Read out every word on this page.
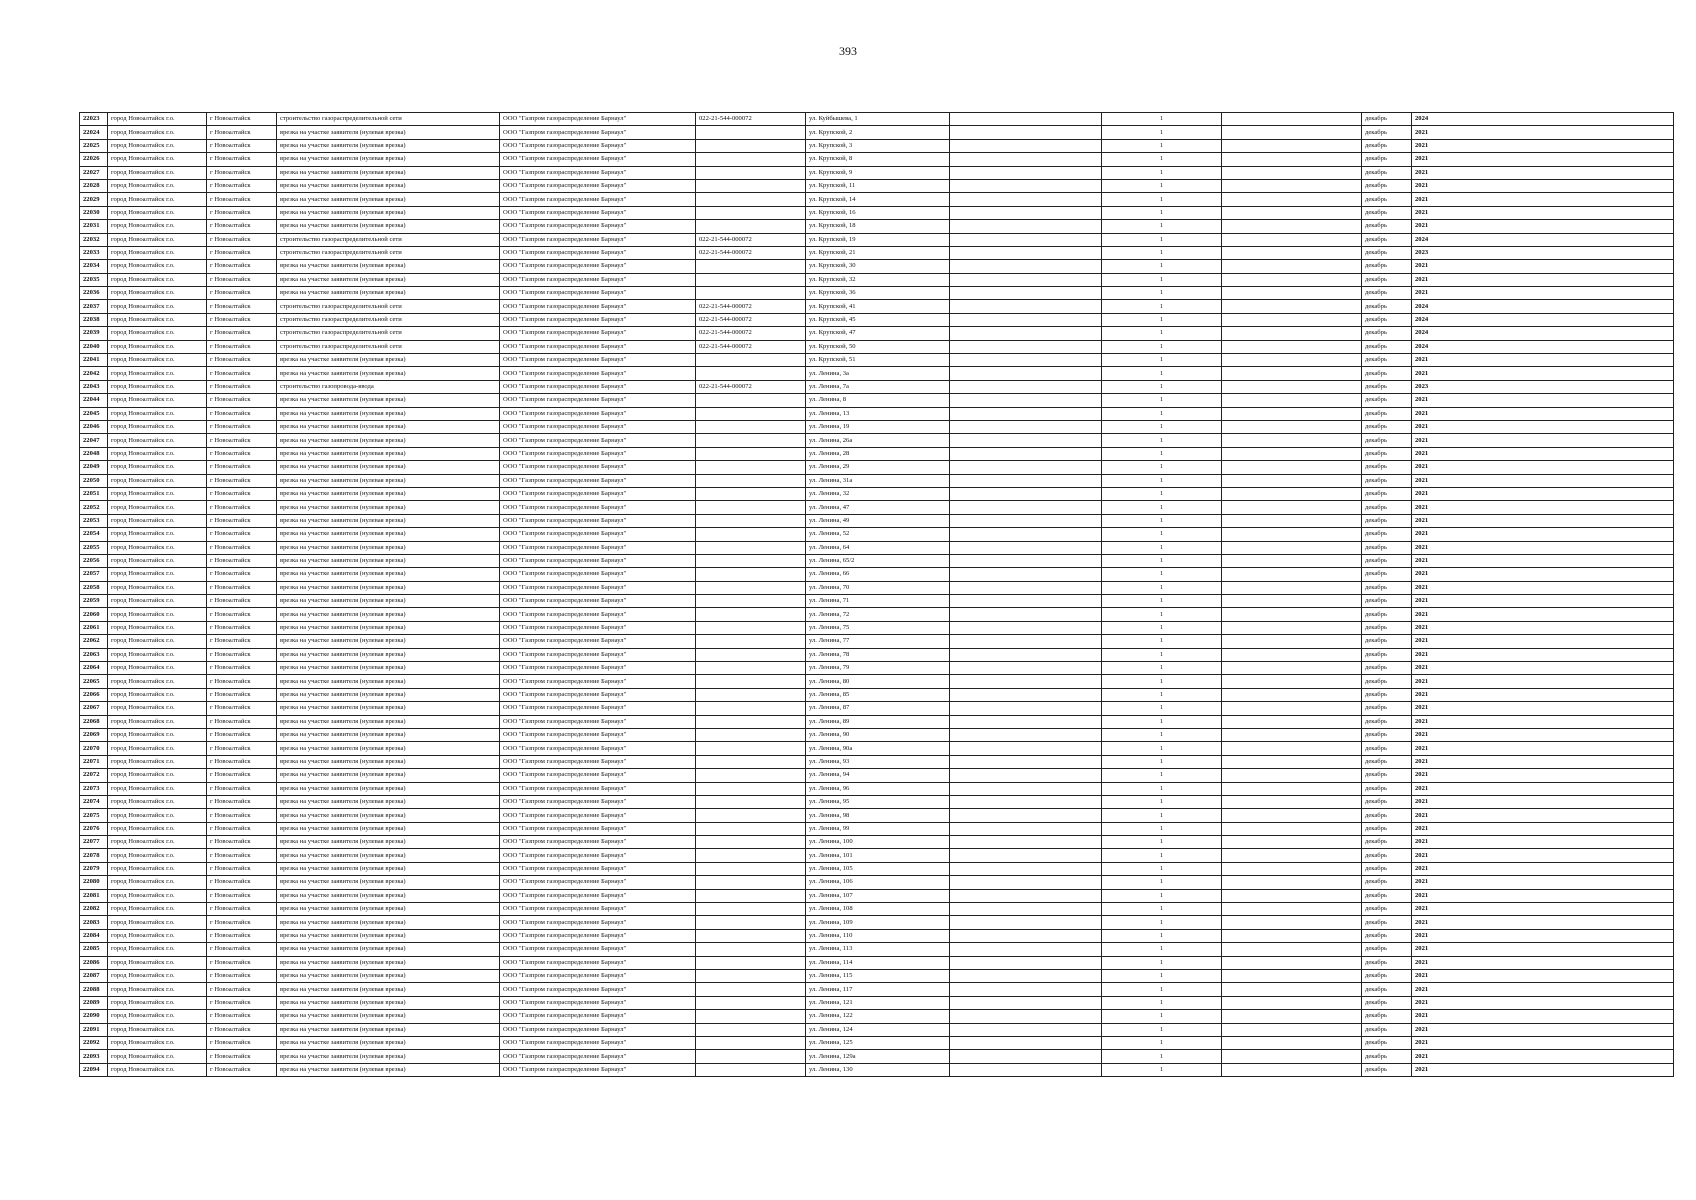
393
22023	город Новоалтайск г.о.	г Новоалтайск	строительство газораспределительной сети	ООО "Газпром газораспределение Барнаул"	022-21-544-000072	ул. Куйбышева, 1		1		декабрь	2024
22024	город Новоалтайск г.о.	г Новоалтайск	врезка на участке заявителя (нулевая врезка)	ООО "Газпром газораспределение Барнаул"		ул. Крупской, 2		1		декабрь	2021
22025	город Новоалтайск г.о.	г Новоалтайск	врезка на участке заявителя (нулевая врезка)	ООО "Газпром газораспределение Барнаул"		ул. Крупской, 3		1		декабрь	2021
22026	город Новоалтайск г.о.	г Новоалтайск	врезка на участке заявителя (нулевая врезка)	ООО "Газпром газораспределение Барнаул"		ул. Крупской, 8		1		декабрь	2021
22027	город Новоалтайск г.о.	г Новоалтайск	врезка на участке заявителя (нулевая врезка)	ООО "Газпром газораспределение Барнаул"		ул. Крупской, 9		1		декабрь	2021
22028	город Новоалтайск г.о.	г Новоалтайск	врезка на участке заявителя (нулевая врезка)	ООО "Газпром газораспределение Барнаул"		ул. Крупской, 11		1		декабрь	2021
22029	город Новоалтайск г.о.	г Новоалтайск	врезка на участке заявителя (нулевая врезка)	ООО "Газпром газораспределение Барнаул"		ул. Крупской, 14		1		декабрь	2021
22030	город Новоалтайск г.о.	г Новоалтайск	врезка на участке заявителя (нулевая врезка)	ООО "Газпром газораспределение Барнаул"		ул. Крупской, 16		1		декабрь	2021
22031	город Новоалтайск г.о.	г Новоалтайск	врезка на участке заявителя (нулевая врезка)	ООО "Газпром газораспределение Барнаул"		ул. Крупской, 18		1		декабрь	2021
22032	город Новоалтайск г.о.	г Новоалтайск	строительство газораспределительной сети	ООО "Газпром газораспределение Барнаул"	022-21-544-000072	ул. Крупской, 19		1		декабрь	2024
22033	город Новоалтайск г.о.	г Новоалтайск	строительство газораспределительной сети	ООО "Газпром газораспределение Барнаул"	022-21-544-000072	ул. Крупской, 21		1		декабрь	2023
22034	город Новоалтайск г.о.	г Новоалтайск	врезка на участке заявителя (нулевая врезка)	ООО "Газпром газораспределение Барнаул"		ул. Крупской, 30		1		декабрь	2021
22035	город Новоалтайск г.о.	г Новоалтайск	врезка на участке заявителя (нулевая врезка)	ООО "Газпром газораспределение Барнаул"		ул. Крупской, 32		1		декабрь	2021
22036	город Новоалтайск г.о.	г Новоалтайск	врезка на участке заявителя (нулевая врезка)	ООО "Газпром газораспределение Барнаул"		ул. Крупской, 36		1		декабрь	2021
22037	город Новоалтайск г.о.	г Новоалтайск	строительство газораспределительной сети	ООО "Газпром газораспределение Барнаул"	022-21-544-000072	ул. Крупской, 41		1		декабрь	2024
22038	город Новоалтайск г.о.	г Новоалтайск	строительство газораспределительной сети	ООО "Газпром газораспределение Барнаул"	022-21-544-000072	ул. Крупской, 45		1		декабрь	2024
22039	город Новоалтайск г.о.	г Новоалтайск	строительство газораспределительной сети	ООО "Газпром газораспределение Барнаул"	022-21-544-000072	ул. Крупской, 47		1		декабрь	2024
22040	город Новоалтайск г.о.	г Новоалтайск	строительство газораспределительной сети	ООО "Газпром газораспределение Барнаул"	022-21-544-000072	ул. Крупской, 50		1		декабрь	2024
22041	город Новоалтайск г.о.	г Новоалтайск	врезка на участке заявителя (нулевая врезка)	ООО "Газпром газораспределение Барнаул"		ул. Крупской, 51		1		декабрь	2021
22042	город Новоалтайск г.о.	г Новоалтайск	врезка на участке заявителя (нулевая врезка)	ООО "Газпром газораспределение Барнаул"		ул. Ленина, 3а		1		декабрь	2021
22043	город Новоалтайск г.о.	г Новоалтайск	строительство газопровода-ввода	ООО "Газпром газораспределение Барнаул"	022-21-544-000072	ул. Ленина, 7а		1		декабрь	2023
22044	город Новоалтайск г.о.	г Новоалтайск	врезка на участке заявителя (нулевая врезка)	ООО "Газпром газораспределение Барнаул"		ул. Ленина, 8		1		декабрь	2021
22045	город Новоалтайск г.о.	г Новоалтайск	врезка на участке заявителя (нулевая врезка)	ООО "Газпром газораспределение Барнаул"		ул. Ленина, 13		1		декабрь	2021
22046	город Новоалтайск г.о.	г Новоалтайск	врезка на участке заявителя (нулевая врезка)	ООО "Газпром газораспределение Барнаул"		ул. Ленина, 19		1		декабрь	2021
22047	город Новоалтайск г.о.	г Новоалтайск	врезка на участке заявителя (нулевая врезка)	ООО "Газпром газораспределение Барнаул"		ул. Ленина, 26а		1		декабрь	2021
22048	город Новоалтайск г.о.	г Новоалтайск	врезка на участке заявителя (нулевая врезка)	ООО "Газпром газораспределение Барнаул"		ул. Ленина, 28		1		декабрь	2021
22049	город Новоалтайск г.о.	г Новоалтайск	врезка на участке заявителя (нулевая врезка)	ООО "Газпром газораспределение Барнаул"		ул. Ленина, 29		1		декабрь	2021
22050	город Новоалтайск г.о.	г Новоалтайск	врезка на участке заявителя (нулевая врезка)	ООО "Газпром газораспределение Барнаул"		ул. Ленина, 31а		1		декабрь	2021
22051	город Новоалтайск г.о.	г Новоалтайск	врезка на участке заявителя (нулевая врезка)	ООО "Газпром газораспределение Барнаул"		ул. Ленина, 32		1		декабрь	2021
22052	город Новоалтайск г.о.	г Новоалтайск	врезка на участке заявителя (нулевая врезка)	ООО "Газпром газораспределение Барнаул"		ул. Ленина, 47		1		декабрь	2021
22053	город Новоалтайск г.о.	г Новоалтайск	врезка на участке заявителя (нулевая врезка)	ООО "Газпром газораспределение Барнаул"		ул. Ленина, 49		1		декабрь	2021
22054	город Новоалтайск г.о.	г Новоалтайск	врезка на участке заявителя (нулевая врезка)	ООО "Газпром газораспределение Барнаул"		ул. Ленина, 52		1		декабрь	2021
22055	город Новоалтайск г.о.	г Новоалтайск	врезка на участке заявителя (нулевая врезка)	ООО "Газпром газораспределение Барнаул"		ул. Ленина, 64		1		декабрь	2021
22056	город Новоалтайск г.о.	г Новоалтайск	врезка на участке заявителя (нулевая врезка)	ООО "Газпром газораспределение Барнаул"		ул. Ленина, 65/2		1		декабрь	2021
22057	город Новоалтайск г.о.	г Новоалтайск	врезка на участке заявителя (нулевая врезка)	ООО "Газпром газораспределение Барнаул"		ул. Ленина, 66		1		декабрь	2021
22058	город Новоалтайск г.о.	г Новоалтайск	врезка на участке заявителя (нулевая врезка)	ООО "Газпром газораспределение Барнаул"		ул. Ленина, 70		1		декабрь	2021
22059	город Новоалтайск г.о.	г Новоалтайск	врезка на участке заявителя (нулевая врезка)	ООО "Газпром газораспределение Барнаул"		ул. Ленина, 71		1		декабрь	2021
22060	город Новоалтайск г.о.	г Новоалтайск	врезка на участке заявителя (нулевая врезка)	ООО "Газпром газораспределение Барнаул"		ул. Ленина, 72		1		декабрь	2021
22061	город Новоалтайск г.о.	г Новоалтайск	врезка на участке заявителя (нулевая врезка)	ООО "Газпром газораспределение Барнаул"		ул. Ленина, 75		1		декабрь	2021
22062	город Новоалтайск г.о.	г Новоалтайск	врезка на участке заявителя (нулевая врезка)	ООО "Газпром газораспределение Барнаул"		ул. Ленина, 77		1		декабрь	2021
22063	город Новоалтайск г.о.	г Новоалтайск	врезка на участке заявителя (нулевая врезка)	ООО "Газпром газораспределение Барнаул"		ул. Ленина, 78		1		декабрь	2021
22064	город Новоалтайск г.о.	г Новоалтайск	врезка на участке заявителя (нулевая врезка)	ООО "Газпром газораспределение Барнаул"		ул. Ленина, 79		1		декабрь	2021
22065	город Новоалтайск г.о.	г Новоалтайск	врезка на участке заявителя (нулевая врезка)	ООО "Газпром газораспределение Барнаул"		ул. Ленина, 80		1		декабрь	2021
22066	город Новоалтайск г.о.	г Новоалтайск	врезка на участке заявителя (нулевая врезка)	ООО "Газпром газораспределение Барнаул"		ул. Ленина, 85		1		декабрь	2021
22067	город Новоалтайск г.о.	г Новоалтайск	врезка на участке заявителя (нулевая врезка)	ООО "Газпром газораспределение Барнаул"		ул. Ленина, 87		1		декабрь	2021
22068	город Новоалтайск г.о.	г Новоалтайск	врезка на участке заявителя (нулевая врезка)	ООО "Газпром газораспределение Барнаул"		ул. Ленина, 89		1		декабрь	2021
22069	город Новоалтайск г.о.	г Новоалтайск	врезка на участке заявителя (нулевая врезка)	ООО "Газпром газораспределение Барнаул"		ул. Ленина, 90		1		декабрь	2021
22070	город Новоалтайск г.о.	г Новоалтайск	врезка на участке заявителя (нулевая врезка)	ООО "Газпром газораспределение Барнаул"		ул. Ленина, 90а		1		декабрь	2021
22071	город Новоалтайск г.о.	г Новоалтайск	врезка на участке заявителя (нулевая врезка)	ООО "Газпром газораспределение Барнаул"		ул. Ленина, 93		1		декабрь	2021
22072	город Новоалтайск г.о.	г Новоалтайск	врезка на участке заявителя (нулевая врезка)	ООО "Газпром газораспределение Барнаул"		ул. Ленина, 94		1		декабрь	2021
22073	город Новоалтайск г.о.	г Новоалтайск	врезка на участке заявителя (нулевая врезка)	ООО "Газпром газораспределение Барнаул"		ул. Ленина, 96		1		декабрь	2021
22074	город Новоалтайск г.о.	г Новоалтайск	врезка на участке заявителя (нулевая врезка)	ООО "Газпром газораспределение Барнаул"		ул. Ленина, 95		1		декабрь	2021
22075	город Новоалтайск г.о.	г Новоалтайск	врезка на участке заявителя (нулевая врезка)	ООО "Газпром газораспределение Барнаул"		ул. Ленина, 98		1		декабрь	2021
22076	город Новоалтайск г.о.	г Новоалтайск	врезка на участке заявителя (нулевая врезка)	ООО "Газпром газораспределение Барнаул"		ул. Ленина, 99		1		декабрь	2021
22077	город Новоалтайск г.о.	г Новоалтайск	врезка на участке заявителя (нулевая врезка)	ООО "Газпром газораспределение Барнаул"		ул. Ленина, 100		1		декабрь	2021
22078	город Новоалтайск г.о.	г Новоалтайск	врезка на участке заявителя (нулевая врезка)	ООО "Газпром газораспределение Барнаул"		ул. Ленина, 101		1		декабрь	2021
22079	город Новоалтайск г.о.	г Новоалтайск	врезка на участке заявителя (нулевая врезка)	ООО "Газпром газораспределение Барнаул"		ул. Ленина, 105		1		декабрь	2021
22080	город Новоалтайск г.о.	г Новоалтайск	врезка на участке заявителя (нулевая врезка)	ООО "Газпром газораспределение Барнаул"		ул. Ленина, 106		1		декабрь	2021
22081	город Новоалтайск г.о.	г Новоалтайск	врезка на участке заявителя (нулевая врезка)	ООО "Газпром газораспределение Барнаул"		ул. Ленина, 107		1		декабрь	2021
22082	город Новоалтайск г.о.	г Новоалтайск	врезка на участке заявителя (нулевая врезка)	ООО "Газпром газораспределение Барнаул"		ул. Ленина, 108		1		декабрь	2021
22083	город Новоалтайск г.о.	г Новоалтайск	врезка на участке заявителя (нулевая врезка)	ООО "Газпром газораспределение Барнаул"		ул. Ленина, 109		1		декабрь	2021
22084	город Новоалтайск г.о.	г Новоалтайск	врезка на участке заявителя (нулевая врезка)	ООО "Газпром газораспределение Барнаул"		ул. Ленина, 110		1		декабрь	2021
22085	город Новоалтайск г.о.	г Новоалтайск	врезка на участке заявителя (нулевая врезка)	ООО "Газпром газораспределение Барнаул"		ул. Ленина, 113		1		декабрь	2021
22086	город Новоалтайск г.о.	г Новоалтайск	врезка на участке заявителя (нулевая врезка)	ООО "Газпром газораспределение Барнаул"		ул. Ленина, 114		1		декабрь	2021
22087	город Новоалтайск г.о.	г Новоалтайск	врезка на участке заявителя (нулевая врезка)	ООО "Газпром газораспределение Барнаул"		ул. Ленина, 115		1		декабрь	2021
22088	город Новоалтайск г.о.	г Новоалтайск	врезка на участке заявителя (нулевая врезка)	ООО "Газпром газораспределение Барнаул"		ул. Ленина, 117		1		декабрь	2021
22089	город Новоалтайск г.о.	г Новоалтайск	врезка на участке заявителя (нулевая врезка)	ООО "Газпром газораспределение Барнаул"		ул. Ленина, 121		1		декабрь	2021
22090	город Новоалтайск г.о.	г Новоалтайск	врезка на участке заявителя (нулевая врезка)	ООО "Газпром газораспределение Барнаул"		ул. Ленина, 122		1		декабрь	2021
22091	город Новоалтайск г.о.	г Новоалтайск	врезка на участке заявителя (нулевая врезка)	ООО "Газпром газораспределение Барнаул"		ул. Ленина, 124		1		декабрь	2021
22092	город Новоалтайск г.о.	г Новоалтайск	врезка на участке заявителя (нулевая врезка)	ООО "Газпром газораспределение Барнаул"		ул. Ленина, 125		1		декабрь	2021
22093	город Новоалтайск г.о.	г Новоалтайск	врезка на участке заявителя (нулевая врезка)	ООО "Газпром газораспределение Барнаул"		ул. Ленина, 129а		1		декабрь	2021
22094	город Новоалтайск г.о.	г Новоалтайск	врезка на участке заявителя (нулевая врезка)	ООО "Газпром газораспределение Барнаул"		ул. Ленина, 130		1		декабрь	2021
